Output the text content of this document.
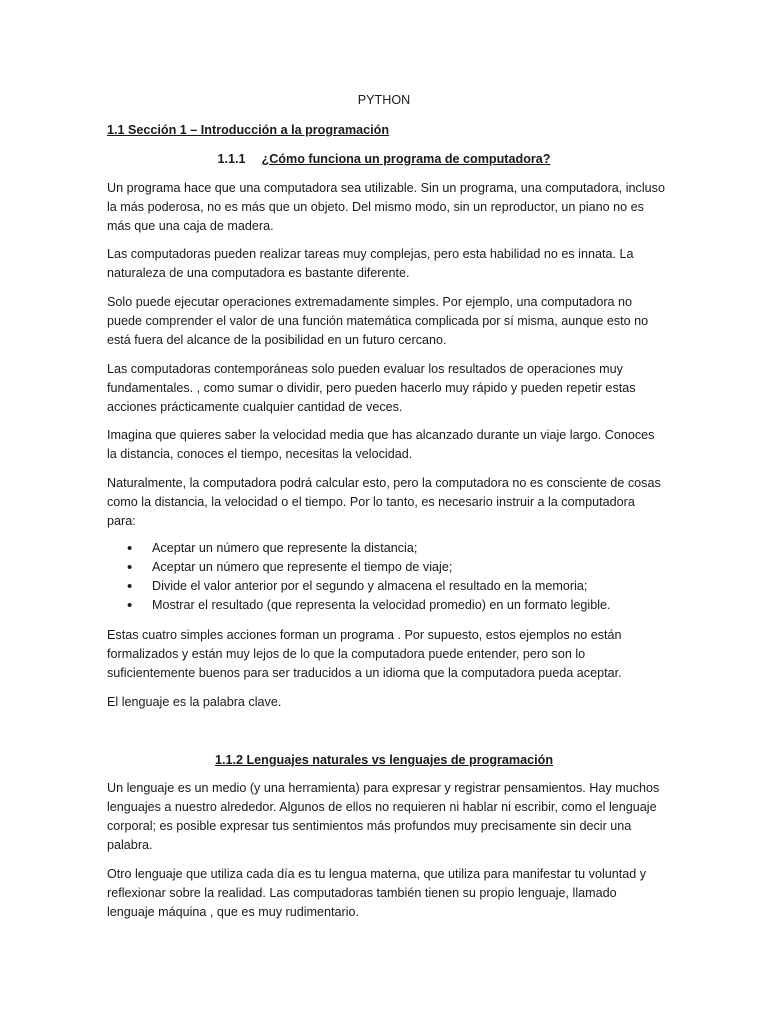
PYTHON
1.1 Sección 1 – Introducción a la programación
1.1.1 ¿Cómo funciona un programa de computadora?

Un programa hace que una computadora sea utilizable. Sin un programa, una computadora, incluso la más poderosa, no es más que un objeto. Del mismo modo, sin un reproductor, un piano no es más que una caja de madera.

Las computadoras pueden realizar tareas muy complejas, pero esta habilidad no es innata. La naturaleza de una computadora es bastante diferente.

Solo puede ejecutar operaciones extremadamente simples. Por ejemplo, una computadora no puede comprender el valor de una función matemática complicada por sí misma, aunque esto no está fuera del alcance de la posibilidad en un futuro cercano.

Las computadoras contemporáneas solo pueden evaluar los resultados de operaciones muy fundamentales. , como sumar o dividir, pero pueden hacerlo muy rápido y pueden repetir estas acciones prácticamente cualquier cantidad de veces.

Imagina que quieres saber la velocidad media que has alcanzado durante un viaje largo. Conoces la distancia, conoces el tiempo, necesitas la velocidad.

Naturalmente, la computadora podrá calcular esto, pero la computadora no es consciente de cosas como la distancia, la velocidad o el tiempo. Por lo tanto, es necesario instruir a la computadora para:

• Aceptar un número que represente la distancia;
• Aceptar un número que represente el tiempo de viaje;
• Divide el valor anterior por el segundo y almacena el resultado en la memoria;
• Mostrar el resultado (que representa la velocidad promedio) en un formato legible.

Estas cuatro simples acciones forman un programa . Por supuesto, estos ejemplos no están formalizados y están muy lejos de lo que la computadora puede entender, pero son lo suficientemente buenos para ser traducidos a un idioma que la computadora pueda aceptar.

El lenguaje es la palabra clave.

1.1.2 Lenguajes naturales vs lenguajes de programación

Un lenguaje es un medio (y una herramienta) para expresar y registrar pensamientos. Hay muchos lenguajes a nuestro alrededor. Algunos de ellos no requieren ni hablar ni escribir, como el lenguaje corporal; es posible expresar tus sentimientos más profundos muy precisamente sin decir una palabra.

Otro lenguaje que utiliza cada día es tu lengua materna, que utiliza para manifestar tu voluntad y reflexionar sobre la realidad. Las computadoras también tienen su propio lenguaje, llamado lenguaje máquina , que es muy rudimentario.
